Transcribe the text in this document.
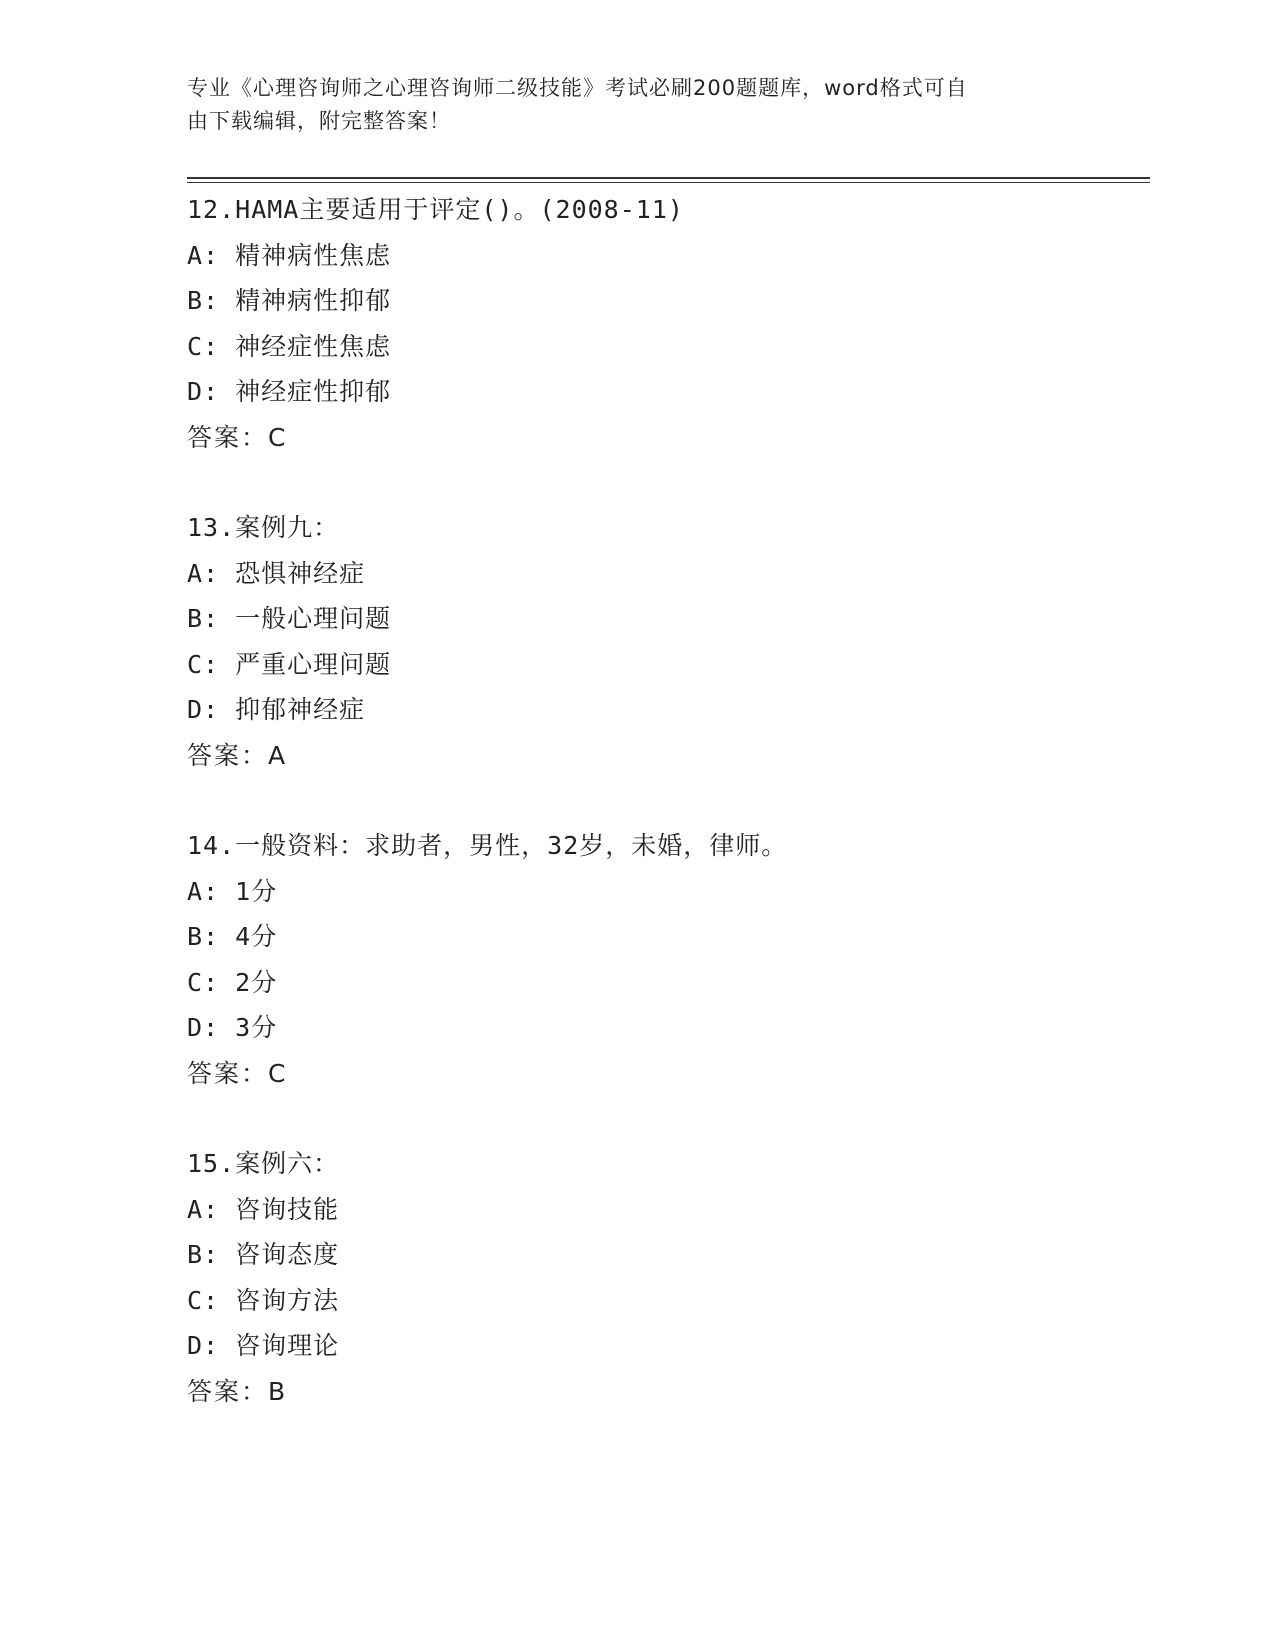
专业《心理咨询师之心理咨询师二级技能》考试必刷200题题库，word格式可自
由下载编辑，附完整答案！
12.HAMA主要适用于评定()。(2008-11)
A: 精神病性焦虑
B: 精神病性抑郁
C: 神经症性焦虑
D: 神经症性抑郁
答案：C
13.案例九：
A: 恐惧神经症
B: 一般心理问题
C: 严重心理问题
D: 抑郁神经症
答案：A
14.一般资料：求助者，男性，32岁，未婚，律师。
A: 1分
B: 4分
C: 2分
D: 3分
答案：C
15.案例六：
A: 咨询技能
B: 咨询态度
C: 咨询方法
D: 咨询理论
答案：B
